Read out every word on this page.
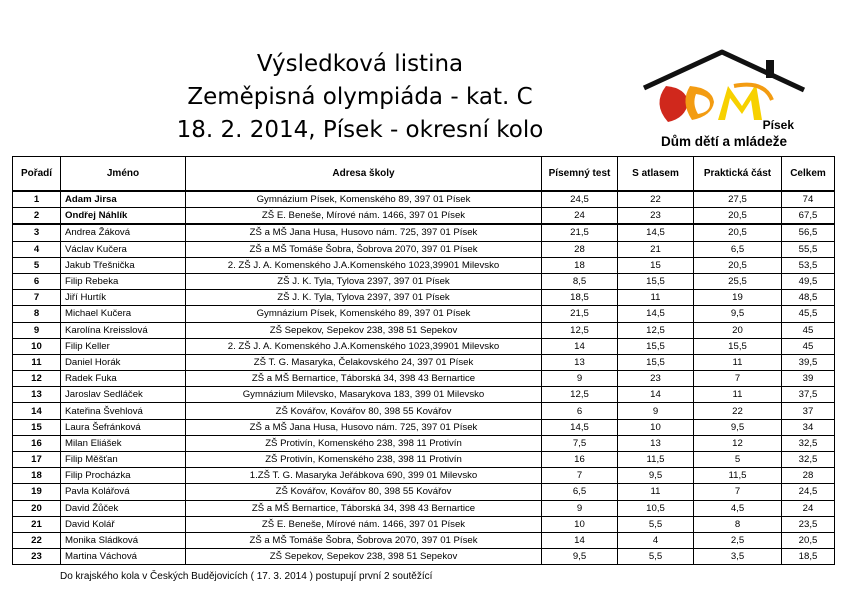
Výsledková listina
Zeměpisná olympiáda - kat. C
18. 2. 2014, Písek - okresní kolo	Písek
Dům dětí a mládeže
Pořadí	Jméno	Adresa školy	Písemný test	S atlasem	Praktická část	Celkem
1	Adam Jirsa	Gymnázium Písek, Komenského 89, 397 01 Písek	24,5	22	27,5	74
2	Ondřej Náhlík	ZŠ E. Beneše, Mírové nám. 1466, 397 01 Písek	24	23	20,5	67,5
3	Andrea Žáková	ZŠ a MŠ Jana Husa, Husovo nám. 725, 397 01 Písek	21,5	14,5	20,5	56,5
4	Václav Kučera	ZŠ a MŠ Tomáše Šobra, Šobrova 2070, 397 01 Písek	28	21	6,5	55,5
5	Jakub Třešnička	2. ZŠ J. A. Komenského J.A.Komenského 1023,39901 Milevsko	18	15	20,5	53,5
6	Filip Rebeka	ZŠ J. K. Tyla, Tylova 2397, 397 01 Písek	8,5	15,5	25,5	49,5
7	Jiří Hurtík	ZŠ J. K. Tyla, Tylova 2397, 397 01 Písek	18,5	11	19	48,5
8	Michael Kučera	Gymnázium Písek, Komenského 89, 397 01 Písek	21,5	14,5	9,5	45,5
9	Karolína Kreisslová	ZŠ Sepekov, Sepekov 238, 398 51 Sepekov	12,5	12,5	20	45
10	Filip Keller	2. ZŠ J. A. Komenského J.A.Komenského 1023,39901 Milevsko	14	15,5	15,5	45
11	Daniel Horák	ZŠ T. G. Masaryka, Čelakovského 24, 397 01 Písek	13	15,5	11	39,5
12	Radek Fuka	ZŠ a MŠ Bernartice, Táborská 34, 398 43 Bernartice	9	23	7	39
13	Jaroslav Sedláček	Gymnázium Milevsko, Masarykova 183, 399 01 Milevsko	12,5	14	11	37,5
14	Kateřina Švehlová	ZŠ Kovářov, Kovářov 80, 398 55 Kovářov	6	9	22	37
15	Laura Šefránková	ZŠ a MŠ Jana Husa, Husovo nám. 725, 397 01 Písek	14,5	10	9,5	34
16	Milan Eliášek	ZŠ Protivín, Komenského 238, 398 11 Protivín	7,5	13	12	32,5
17	Filip Měšťan	ZŠ Protivín, Komenského 238, 398 11 Protivín	16	11,5	5	32,5
18	Filip Procházka	1.ZŠ T. G. Masaryka Jeřábkova 690, 399 01 Milevsko	7	9,5	11,5	28
19	Pavla Kolářová	ZŠ Kovářov, Kovářov 80, 398 55 Kovářov	6,5	11	7	24,5
20	David Žůček	ZŠ a MŠ Bernartice, Táborská 34, 398 43 Bernartice	9	10,5	4,5	24
21	David Kolář	ZŠ E. Beneše, Mírové nám. 1466, 397 01 Písek	10	5,5	8	23,5
22	Monika Sládková	ZŠ a MŠ Tomáše Šobra, Šobrova 2070, 397 01 Písek	14	4	2,5	20,5
23	Martina Váchová	ZŠ Sepekov, Sepekov 238, 398 51 Sepekov	9,5	5,5	3,5	18,5
Do krajského kola v Českých Budějovicích ( 17. 3. 2014 ) postupují první 2 soutěžící
